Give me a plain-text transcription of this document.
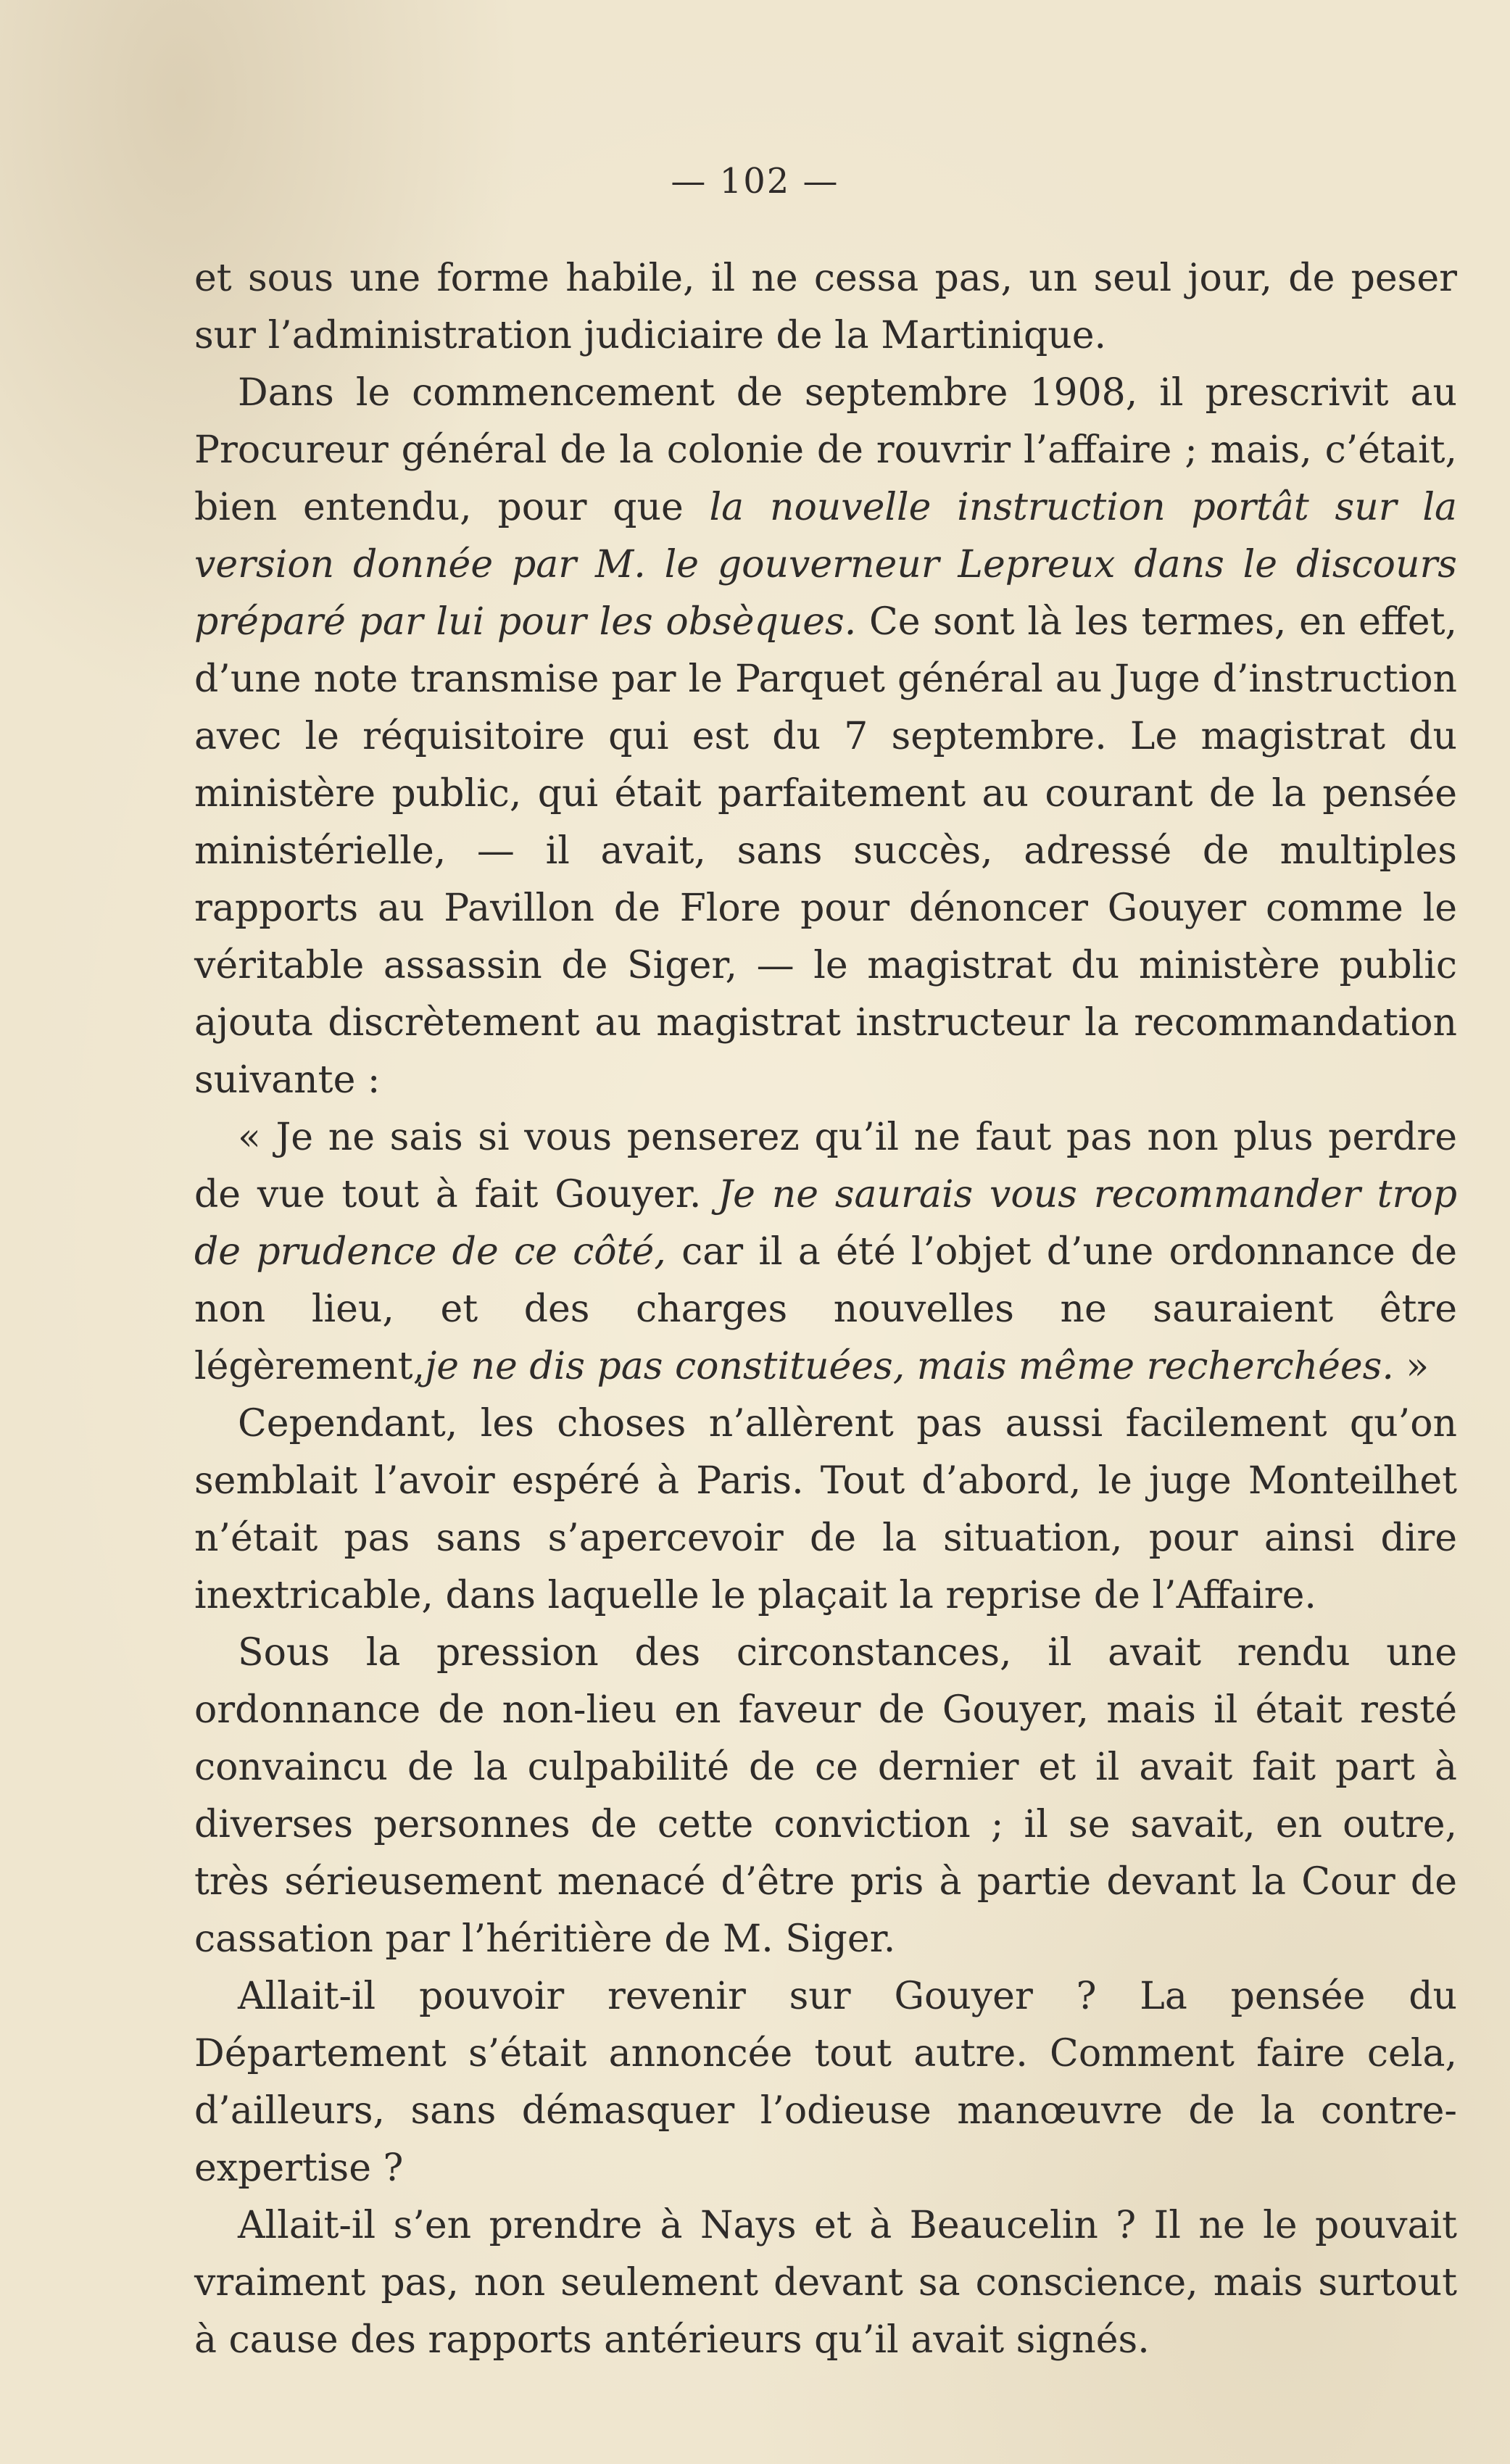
— 102 —

et sous une forme habile, il ne cessa pas, un seul jour, de peser sur l’administration judiciaire de la Martinique.

Dans le commencement de septembre 1908, il prescrivit au Procureur général de la colonie de rouvrir l’affaire ; mais, c’était, bien entendu, pour que la nouvelle instruction portât sur la version donnée par M. le gouverneur Lepreux dans le discours préparé par lui pour les obsèques. Ce sont là les termes, en effet, d’une note transmise par le Parquet général au Juge d’instruction avec le réquisitoire qui est du 7 septembre. Le magistrat du ministère public, qui était parfaitement au courant de la pensée ministérielle, — il avait, sans succès, adressé de multiples rapports au Pavillon de Flore pour dénoncer Gouyer comme le véritable assassin de Siger, — le magistrat du ministère public ajouta discrètement au magistrat instructeur la recommandation suivante :

« Je ne sais si vous penserez qu’il ne faut pas non plus perdre de vue tout à fait Gouyer. Je ne saurais vous recommander trop de prudence de ce côté, car il a été l’objet d’une ordonnance de non lieu, et des charges nouvelles ne sauraient être légèrement,je ne dis pas constituées, mais même recherchées. »

Cependant, les choses n’allèrent pas aussi facilement qu’on semblait l’avoir espéré à Paris. Tout d’abord, le juge Monteilhet n’était pas sans s’apercevoir de la situation, pour ainsi dire inextricable, dans laquelle le plaçait la reprise de l’Affaire.

Sous la pression des circonstances, il avait rendu une ordonnance de non-lieu en faveur de Gouyer, mais il était resté convaincu de la culpabilité de ce dernier et il avait fait part à diverses personnes de cette conviction ; il se savait, en outre, très sérieusement menacé d’être pris à partie devant la Cour de cassation par l’héritière de M. Siger.

Allait-il pouvoir revenir sur Gouyer ? La pensée du Département s’était annoncée tout autre. Comment faire cela, d’ailleurs, sans démasquer l’odieuse manœuvre de la contre-expertise ?

Allait-il s’en prendre à Nays et à Beaucelin ? Il ne le pouvait vraiment pas, non seulement devant sa conscience, mais surtout à cause des rapports antérieurs qu’il avait signés.
